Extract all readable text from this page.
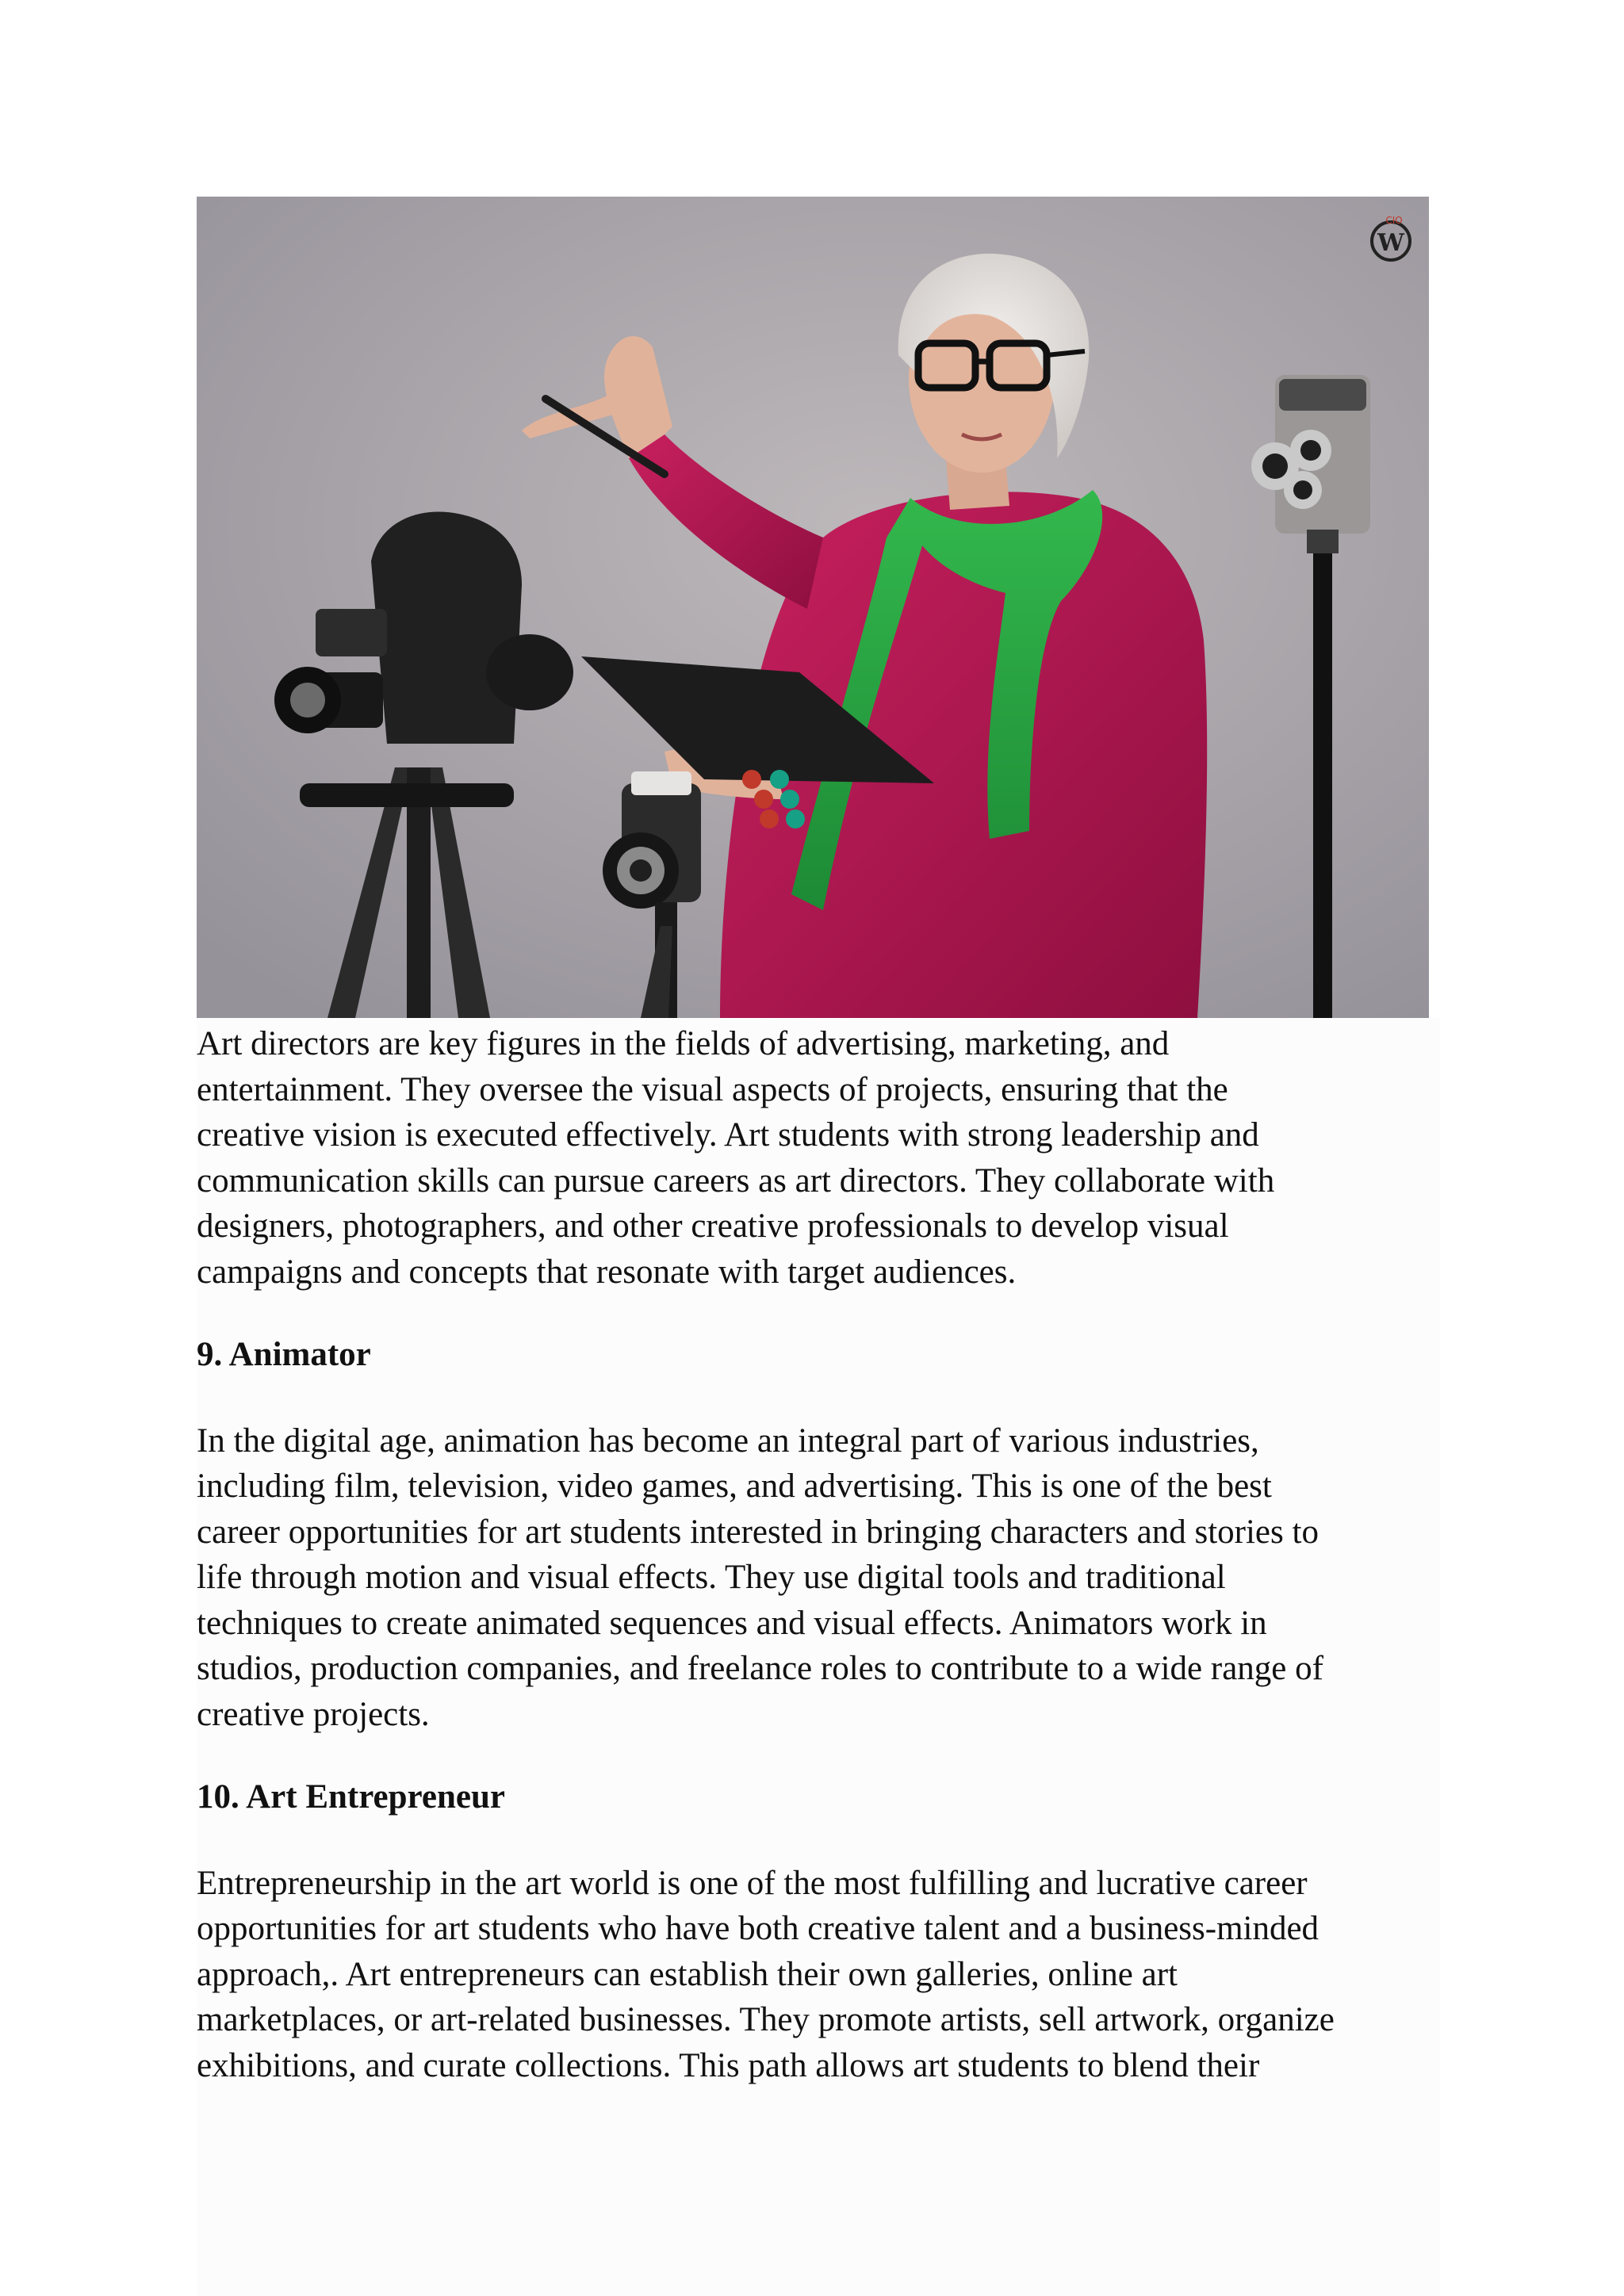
W
CIO

Art directors are key figures in the fields of advertising, marketing, and
entertainment. They oversee the visual aspects of projects, ensuring that the
creative vision is executed effectively. Art students with strong leadership and
communication skills can pursue careers as art directors. They collaborate with
designers, photographers, and other creative professionals to develop visual
campaigns and concepts that resonate with target audiences.

9. Animator

In the digital age, animation has become an integral part of various industries,
including film, television, video games, and advertising. This is one of the best
career opportunities for art students interested in bringing characters and stories to
life through motion and visual effects. They use digital tools and traditional
techniques to create animated sequences and visual effects. Animators work in
studios, production companies, and freelance roles to contribute to a wide range of
creative projects.

10. Art Entrepreneur

Entrepreneurship in the art world is one of the most fulfilling and lucrative career
opportunities for art students who have both creative talent and a business-minded
approach,. Art entrepreneurs can establish their own galleries, online art
marketplaces, or art-related businesses. They promote artists, sell artwork, organize
exhibitions, and curate collections. This path allows art students to blend their
